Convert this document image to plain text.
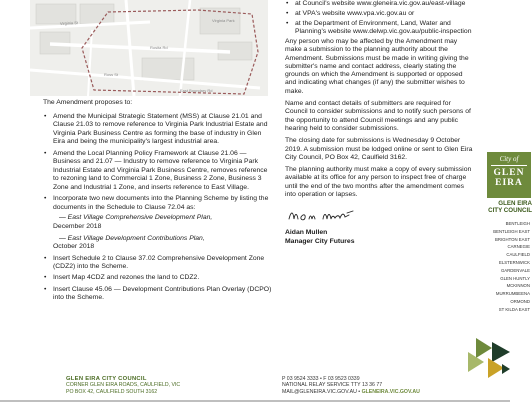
Virginia Park
Virginia St
Rosita Rd
Ross St
East Boundary Rd

The Amendment proposes to:

• Amend the Municipal Strategic Statement (MSS) at Clause 21.01 and Clause 21.03 to remove reference to Virginia Park Industrial Estate and Virginia Park Business Centre as forming the base of industry in Glen Eira and being the municipality's largest industrial area.
• Amend the Local Planning Policy Framework at Clause 21.06 — Business and 21.07 — Industry to remove reference to Virginia Park Industrial Estate and Virginia Park Business Centre, removes reference to rezoning land to Commercial 1 Zone, Business 2 Zone, Business 3 Zone and Industrial 1 Zone, and inserts reference to East Village.
• Incorporate two new documents into the Planning Scheme by listing the documents in the Schedule to Clause 72.04 as:

— East Village Comprehensive Development Plan,

December 2018

— East Village Development Contributions Plan,

October 2018

• Insert Schedule 2 to Clause 37.02 Comprehensive Development Zone (CDZ2) into the Scheme.
• Insert Map 4CDZ and rezones the land to CDZ2.
• Insert Clause 45.06 — Development Contributions Plan Overlay (DCPO) into the Scheme.
• at Council's website www.gleneira.vic.gov.au/east-village
• at VPA's website www.vpa.vic.gov.au or
• at the Department of Environment, Land, Water and Planning's website www.delwp.vic.gov.au/public-inspection

Any person who may be affected by the Amendment may make a submission to the planning authority about the Amendment. Submissions must be made in writing giving the submitter's name and contact address, clearly stating the grounds on which the Amendment is supported or opposed and indicating what changes (if any) the submitter wishes to make.

Name and contact details of submitters are required for Council to consider submissions and to notify such persons of the opportunity to attend Council meetings and any public hearing held to consider submissions.

The closing date for submissions is Wednesday 9 October 2019. A submission must be lodged online or sent to Glen Eira City Council, PO Box 42, Caulfield 3162.

The planning authority must make a copy of every submission available at its office for any person to inspect free of charge until the end of the two months after the amendment comes into operation or lapses.

Aidan Mullen

Manager City Futures

City of
GLEN
EIRA
GLEN EIRA
CITY COUNCIL
BENTLEIGH
BENTLEIGH EAST
BRIGHTON EAST
CARNEGIE
CAULFIELD
ELSTERNWICK
GARDENVALE
GLEN HUNTLY
MCKINNON
MURRUMBEENA
ORMOND
ST KILDA EAST
GLEN EIRA CITY COUNCIL
CORNER GLEN EIRA ROADS, CAULFIELD, VIC
PO BOX 42, CAULFIELD SOUTH 3162
P 03 9524 3333 • F 03 9523 0339
NATIONAL RELAY SERVICE TTY 13 36 77
MAIL@GLENEIRA.VIC.GOV.AU • GLENEIRA.VIC.GOV.AU
